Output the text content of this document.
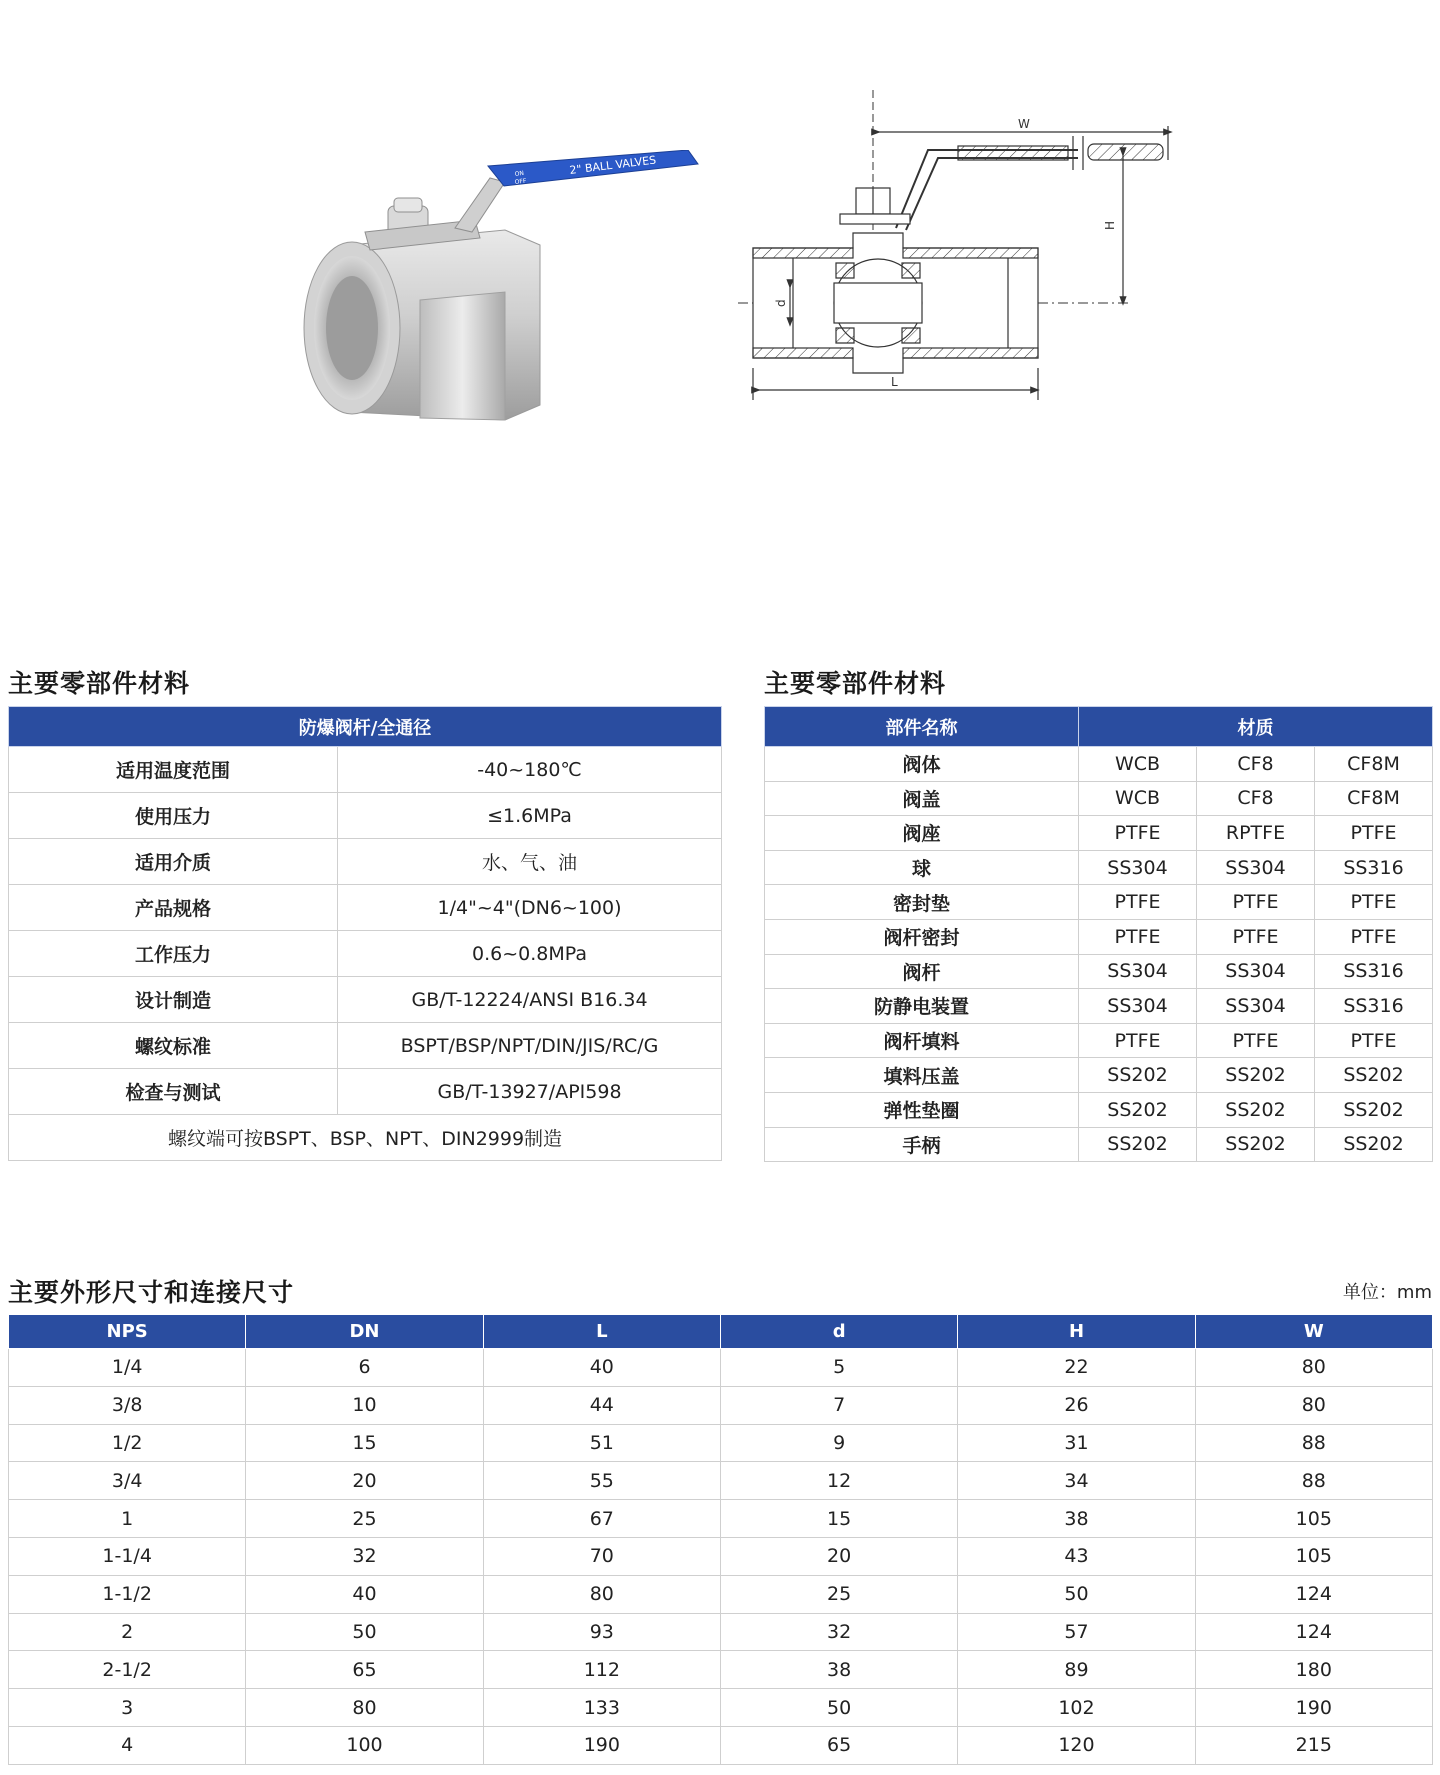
2" BALL VALVES
ON
OFF
W
H
d
L
主要零部件材料
防爆阀杆/全通径	
适用温度范围	-40~180℃
使用压力	≤1.6MPa
适用介质	水、气、油
产品规格	1/4"~4"(DN6~100)
工作压力	0.6~0.8MPa
设计制造	GB/T-12224/ANSI B16.34
螺纹标准	BSPT/BSP/NPT/DIN/JIS/RC/G
检查与测试	GB/T-13927/API598
螺纹端可按BSPT、BSP、NPT、DIN2999制造	
主要零部件材料
部件名称	材质		
阀体	WCB	CF8	CF8M
阀盖	WCB	CF8	CF8M
阀座	PTFE	RPTFE	PTFE
球	SS304	SS304	SS316
密封垫	PTFE	PTFE	PTFE
阀杆密封	PTFE	PTFE	PTFE
阀杆	SS304	SS304	SS316
防静电装置	SS304	SS304	SS316
阀杆填料	PTFE	PTFE	PTFE
填料压盖	SS202	SS202	SS202
弹性垫圈	SS202	SS202	SS202
手柄	SS202	SS202	SS202
主要外形尺寸和连接尺寸	单位：mm
NPS	DN	L	d	H	W
1/4	6	40	5	22	80
3/8	10	44	7	26	80
1/2	15	51	9	31	88
3/4	20	55	12	34	88
1	25	67	15	38	105
1-1/4	32	70	20	43	105
1-1/2	40	80	25	50	124
2	50	93	32	57	124
2-1/2	65	112	38	89	180
3	80	133	50	102	190
4	100	190	65	120	215
